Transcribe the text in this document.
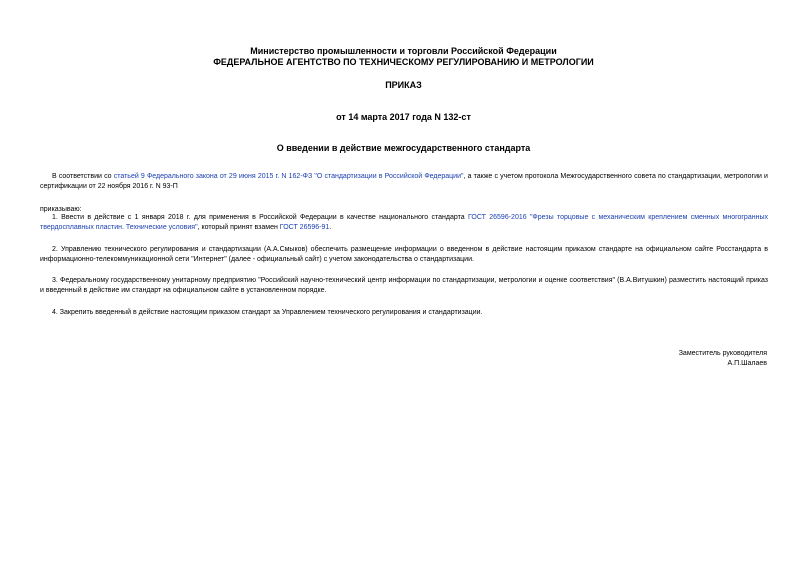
Министерство промышленности и торговли Российской Федерации
ФЕДЕРАЛЬНОЕ АГЕНТСТВО ПО ТЕХНИЧЕСКОМУ РЕГУЛИРОВАНИЮ И МЕТРОЛОГИИ
ПРИКАЗ
от 14 марта 2017 года N 132-ст
О введении в действие межгосударственного стандарта

В соответствии со статьей 9 Федерального закона от 29 июня 2015 г. N 162-ФЗ "О стандартизации в Российской Федерации", а также с учетом протокола Межгосударственного совета по стандартизации, метрологии и сертификации от 22 ноября 2016 г. N 93-П

приказываю:

1. Ввести в действие с 1 января 2018 г. для применения в Российской Федерации в качестве национального стандарта ГОСТ 26596-2016 "Фрезы торцовые с механическим креплением сменных многогранных твердосплавных пластин. Технические условия", который принят взамен ГОСТ 26596-91.

2. Управлению технического регулирования и стандартизации (А.А.Смыков) обеспечить размещение информации о введенном в действие настоящим приказом стандарте на официальном сайте Росстандарта в информационно-телекоммуникационной сети "Интернет" (далее - официальный сайт) с учетом законодательства о стандартизации.

3. Федеральному государственному унитарному предприятию "Российский научно-технический центр информации по стандартизации, метрологии и оценке соответствия" (В.А.Витушкин) разместить настоящий приказ и введенный в действие им стандарт на официальном сайте в установленном порядке.

4. Закрепить введенный в действие настоящим приказом стандарт за Управлением технического регулирования и стандартизации.

Заместитель руководителя
А.П.Шалаев
